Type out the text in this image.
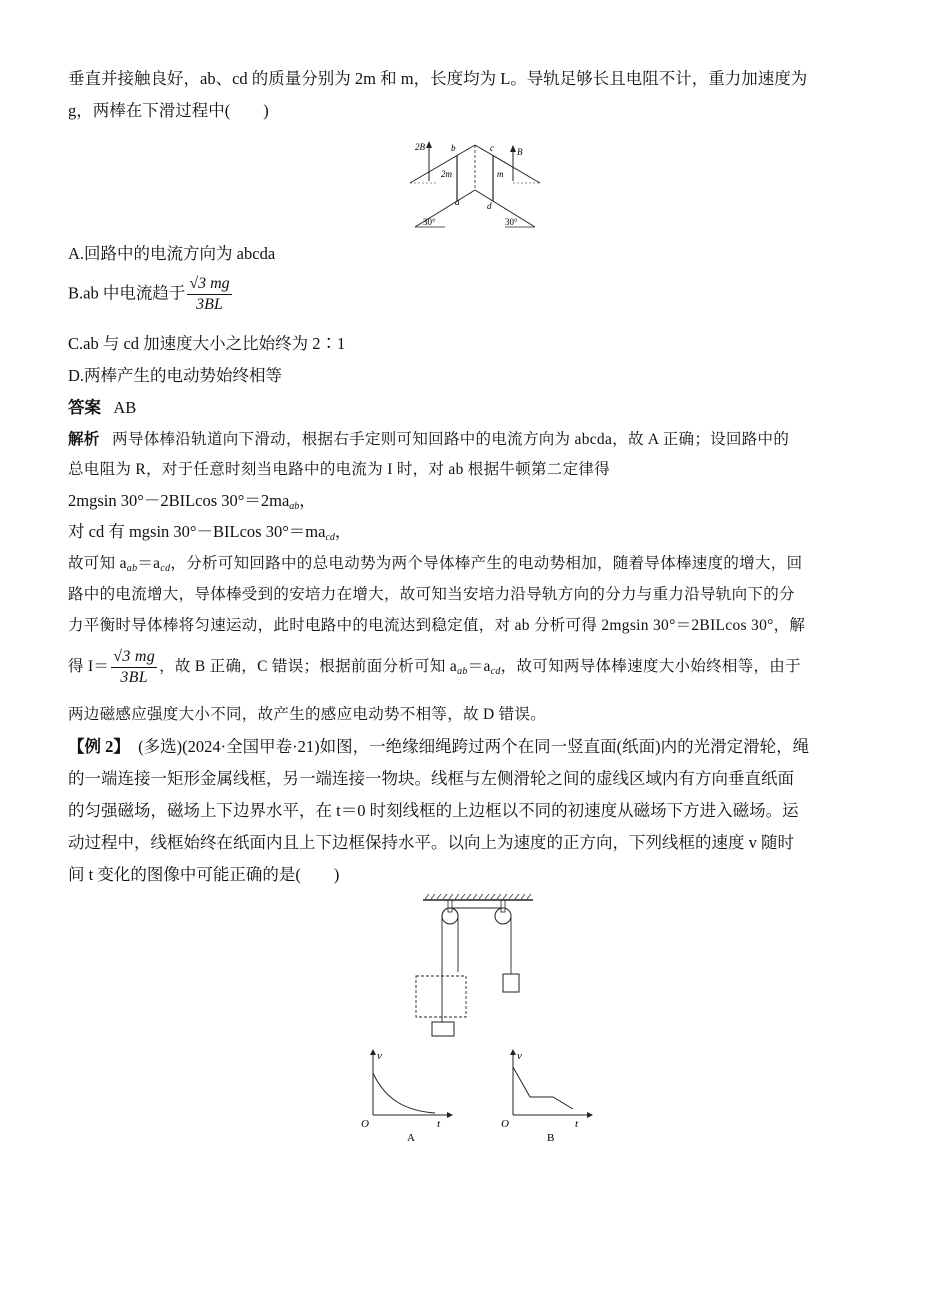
垂直并接触良好，ab、cd 的质量分别为 2m 和 m，长度均为 L。导轨足够长且电阻不计，重力加速度为

g，两棒在下滑过程中(　　)

2B	b	c	B
2m	m
a	d
30°	30°

A.回路中的电流方向为 abcda

B.ab 中电流趋于 $\frac{√3 mg}{3BL}$

C.ab 与 cd 加速度大小之比始终为 2∶1

D.两棒产生的电动势始终相等

答案 AB

解析 两导体棒沿轨道向下滑动，根据右手定则可知回路中的电流方向为 abcda，故 A 正确；设回路中的

总电阻为 R，对于任意时刻当电路中的电流为 I 时，对 ab 根据牛顿第二定律得

2mgsin 30°－2BILcos $30^\circ=2ma_{ab}$，

对 cd 有 mgsin 30°－BILcos $30^\circ=ma_{cd}$，

故可知 $a_{ab}=a_{cd}$，分析可知回路中的总电动势为两个导体棒产生的电动势相加，随着导体棒速度的增大，回

路中的电流增大，导体棒受到的安培力在增大，故可知当安培力沿导轨方向的分力与重力沿导轨向下的分

力平衡时导体棒将匀速运动，此时电路中的电流达到稳定值，对 ab 分析可得 2mgsin 30°＝2BILcos 30°，解

得 $I= \frac{√3 mg}{3BL}$ ，故 B 正确，C 错误；根据前面分析可知 $a_{ab}=a_{cd}$，故可知两导体棒速度大小始终相等，由于

两边磁感应强度大小不同，故产生的感应电动势不相等，故 D 错误。

【例 2】 (多选)(2024·全国甲卷·21)如图，一绝缘细绳跨过两个在同一竖直面(纸面)内的光滑定滑轮，绳

的一端连接一矩形金属线框，另一端连接一物块。线框与左侧滑轮之间的虚线区域内有方向垂直纸面

的匀强磁场，磁场上下边界水平，在 t＝0 时刻线框的上边框以不同的初速度从磁场下方进入磁场。运

动过程中，线框始终在纸面内且上下边框保持水平。以向上为速度的正方向，下列线框的速度 v 随时

间 t 变化的图像中可能正确的是(　　)

v
t
O
A
v
t
O
B
